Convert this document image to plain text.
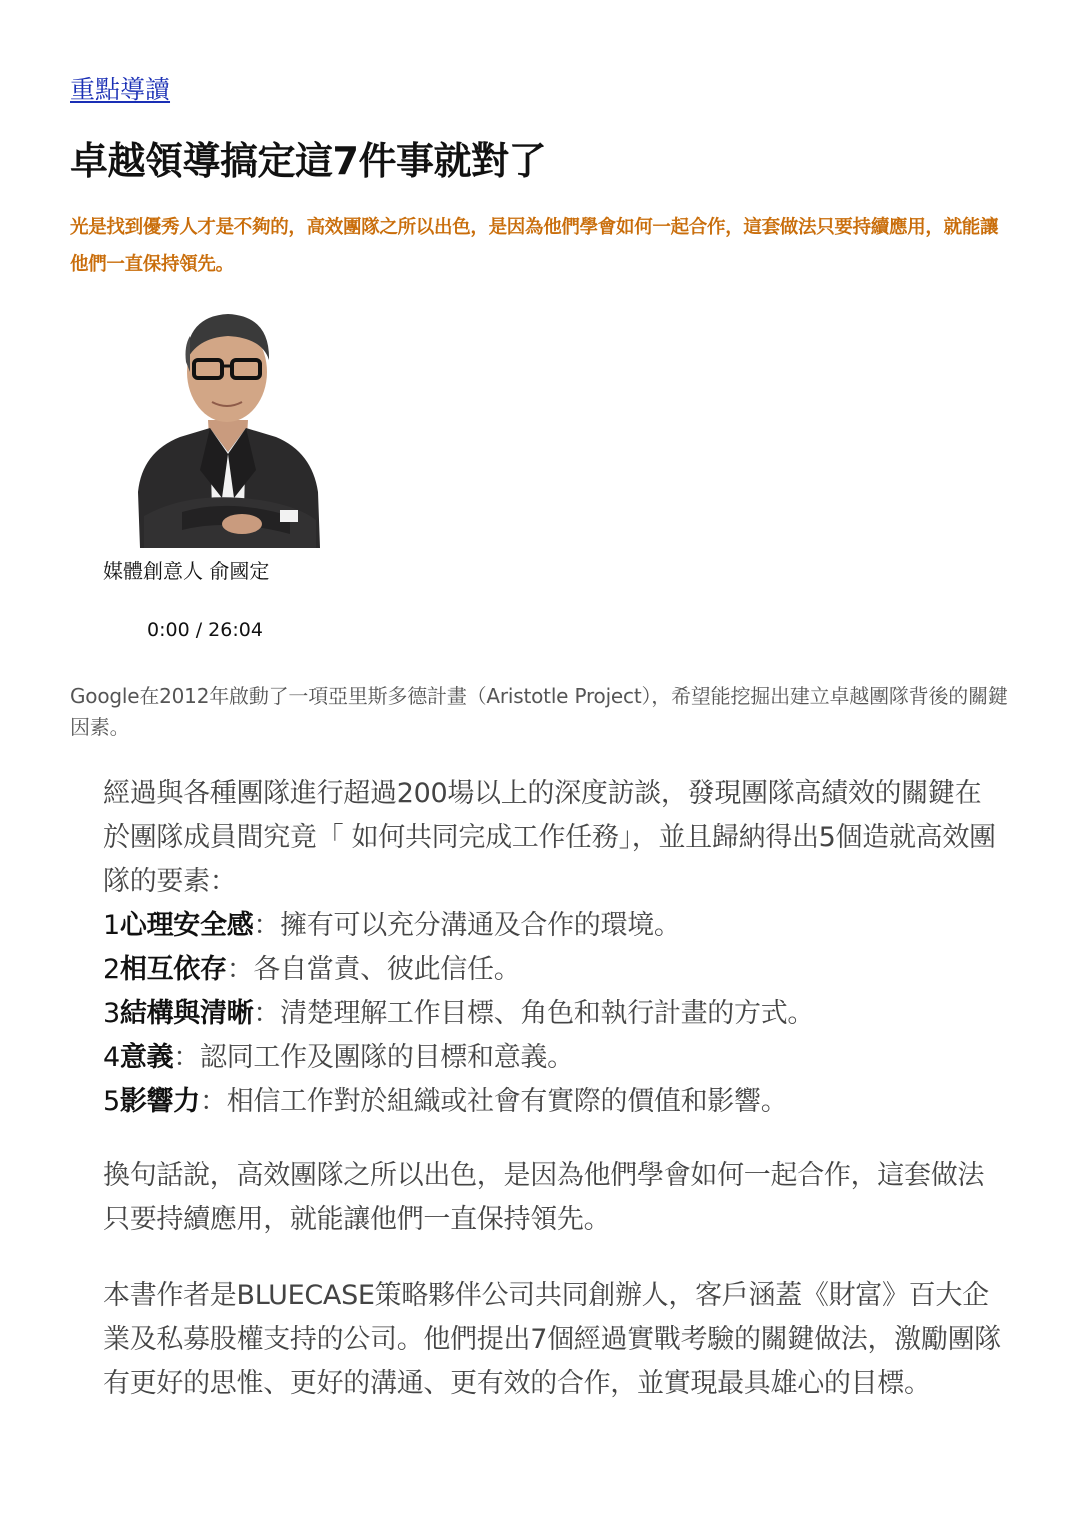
重點導讀
卓越領導搞定這7件事就對了
光是找到優秀人才是不夠的，高效團隊之所以出色，是因為他們學會如何一起合作，這套做法只要持續應用，就能讓他們一直保持領先。
媒體創意人 俞國定
0:00 / 26:04
Google在2012年啟動了一項亞里斯多德計畫（Aristotle Project），希望能挖掘出建立卓越團隊背後的關鍵因素。
經過與各種團隊進行超過200場以上的深度訪談，發現團隊高績效的關鍵在於團隊成員間究竟「 如何共同完成工作任務」，並且歸納得出5個造就高效團隊的要素：
1心理安全感：擁有可以充分溝通及合作的環境。
2相互依存：各自當責、彼此信任。
3結構與清晰：清楚理解工作目標、角色和執行計畫的方式。
4意義：認同工作及團隊的目標和意義。
5影響力：相信工作對於組織或社會有實際的價值和影響。
換句話說，高效團隊之所以出色，是因為他們學會如何一起合作，這套做法只要持續應用，就能讓他們一直保持領先。
本書作者是BLUECASE策略夥伴公司共同創辦人，客戶涵蓋《財富》百大企業及私募股權支持的公司。他們提出7個經過實戰考驗的關鍵做法，激勵團隊有更好的思惟、更好的溝通、更有效的合作，並實現最具雄心的目標。
